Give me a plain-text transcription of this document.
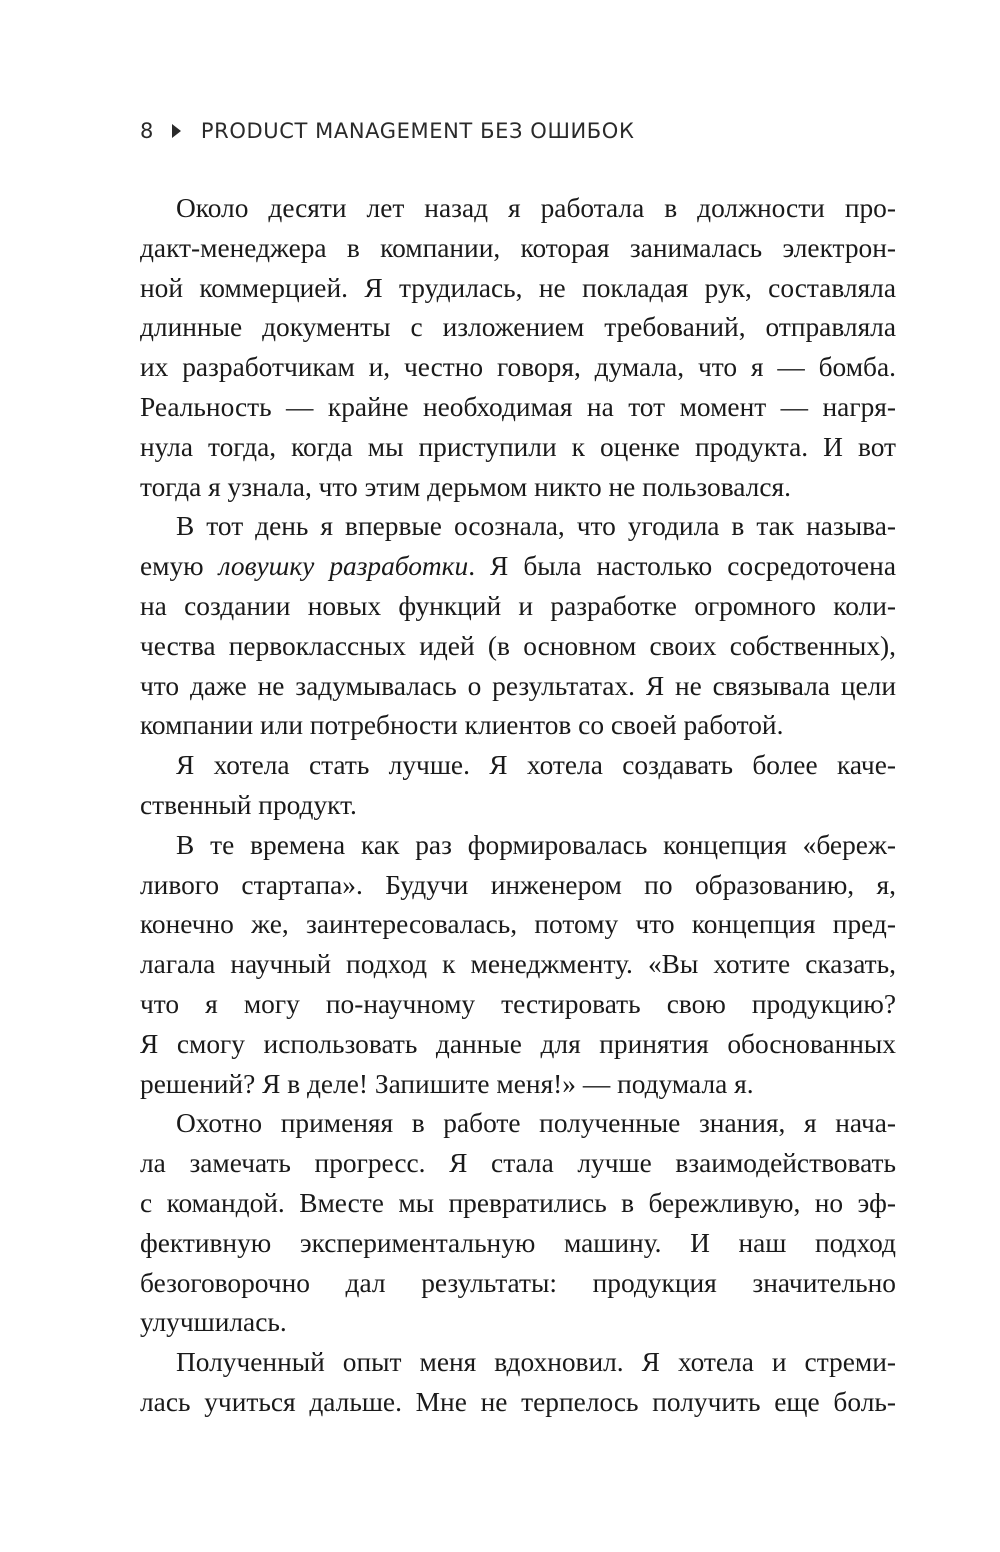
8 PRODUCT MANAGEMENT БЕЗ ОШИБОК
Около десяти лет назад я работала в должности про-
дакт-менеджера в компании, которая занималась электрон-
ной коммерцией. Я трудилась, не покладая рук, составляла
длинные документы с изложением требований, отправляла
их разработчикам и, честно говоря, думала, что я — бомба.
Реальность — крайне необходимая на тот момент — нагря-
нула тогда, когда мы приступили к оценке продукта. И вот
тогда я узнала, что этим дерьмом никто не пользовался.
В тот день я впервые осознала, что угодила в так называ-
емую ловушку разработки. Я была настолько сосредоточена
на создании новых функций и разработке огромного коли-
чества первоклассных идей (в основном своих собственных),
что даже не задумывалась о результатах. Я не связывала цели
компании или потребности клиентов со своей работой.
Я хотела стать лучше. Я хотела создавать более каче-
ственный продукт.
В те времена как раз формировалась концепция «береж-
ливого стартапа». Будучи инженером по образованию, я,
конечно же, заинтересовалась, потому что концепция пред-
лагала научный подход к менеджменту. «Вы хотите сказать,
что я могу по-научному тестировать свою продукцию?
Я смогу использовать данные для принятия обоснованных
решений? Я в деле! Запишите меня!» — подумала я.
Охотно применяя в работе полученные знания, я нача-
ла замечать прогресс. Я стала лучше взаимодействовать
с командой. Вместе мы превратились в бережливую, но эф-
фективную экспериментальную машину. И наш подход
безоговорочно дал результаты: продукция значительно
улучшилась.
Полученный опыт меня вдохновил. Я хотела и стреми-
лась учиться дальше. Мне не терпелось получить еще боль-
